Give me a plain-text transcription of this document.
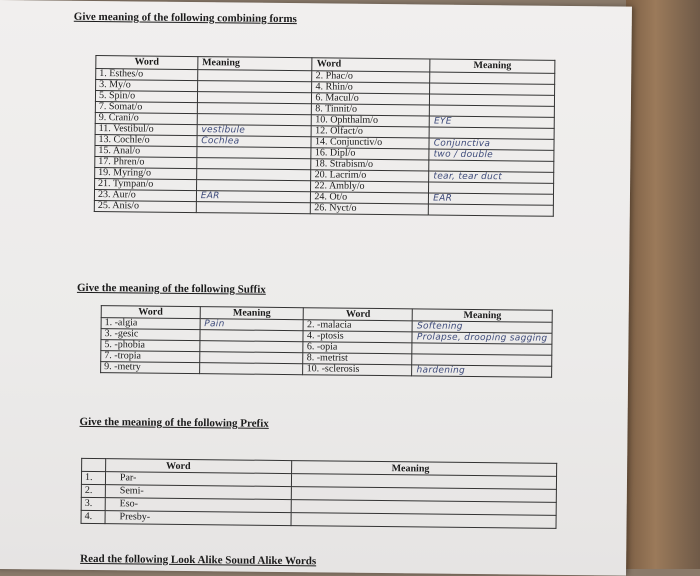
Give meaning of the following combining forms
Word	Meaning	Word	Meaning
1. Esthes/o		2. Phac/o	
3. My/o		4. Rhin/o	
5. Spin/o		6. Macul/o	
7. Somat/o		8. Tinnit/o	
9. Crani/o		10. Ophthalm/o	EYE
11. Vestibul/o	vestibule	12. Olfact/o	
13. Cochle/o	Cochlea	14. Conjunctiv/o	Conjunctiva
15. Anal/o		16. Dipl/o	two / double
17. Phren/o		18. Strabism/o	
19. Myring/o		20. Lacrim/o	tear, tear duct
21. Tympan/o		22. Ambly/o	
23. Aur/o	EAR	24. Ot/o	EAR
25. Anis/o		26. Nyct/o	
Give the meaning of the following Suffix
Word	Meaning	Word	Meaning
1. -algia	Pain	2. -malacia	Softening
3. -gesic		4. -ptosis	Prolapse, drooping sagging
5. -phobia		6. -opia	
7. -tropia		8. -metrist	
9. -metry		10. -sclerosis	hardening
Give the meaning of the following Prefix
	Word	Meaning
1.	Par-	
2.	Semi-	
3.	Eso-	
4.	Presby-	
Read the following Look Alike Sound Alike Words
